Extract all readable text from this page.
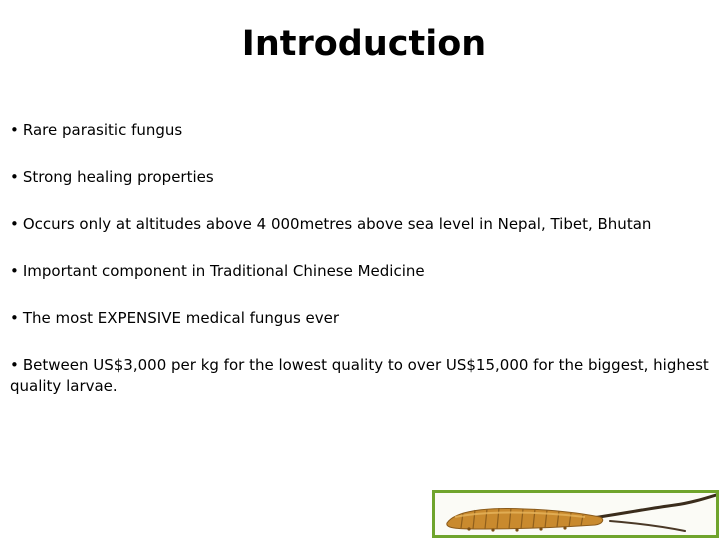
Introduction
• Rare parasitic fungus
• Strong healing properties
• Occurs only at altitudes above 4 000metres above sea level in Nepal, Tibet, Bhutan
• Important component in Traditional Chinese Medicine
• The most EXPENSIVE medical fungus ever
• Between US$3,000 per kg for the lowest quality to over US$15,000 for the biggest, highest quality larvae.
